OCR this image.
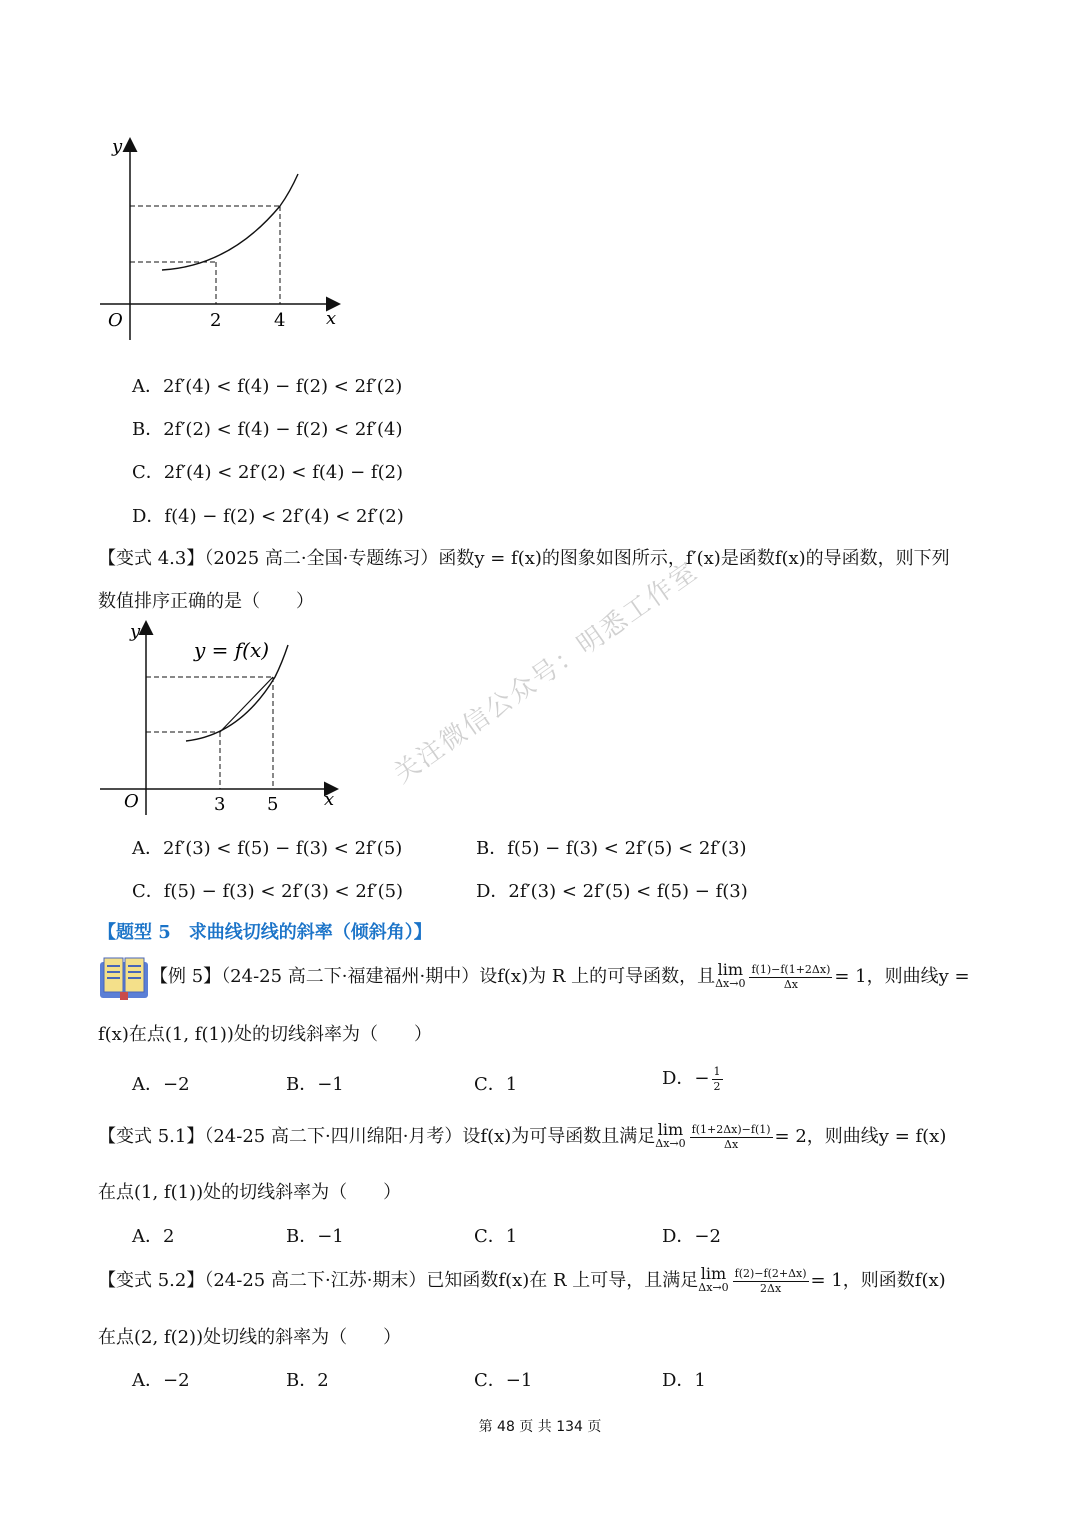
y
x
O	2	4
A．2f′(4) < f(4) − f(2) < 2f′(2)
B．2f′(2) < f(4) − f(2) < 2f′(4)
C．2f′(4) < 2f′(2) < f(4) − f(2)
D．f(4) − f(2) < 2f′(4) < 2f′(2)
【变式 4.3】（2025 高二·全国·专题练习）函数y = f(x)的图象如图所示，f′(x)是函数f(x)的导函数，则下列
数值排序正确的是（　　）
y
y = f(x)
x
O	3 5
A．2f′(3) < f(5) − f(3) < 2f′(5)	B．f(5) − f(3) < 2f′(5) < 2f′(3)
C．f(5) − f(3) < 2f′(3) < 2f′(5)	D．2f′(3) < 2f′(5) < f(5) − f(3)
【题型 5　求曲线切线的斜率（倾斜角）】
【例 5】（24-25 高二下·福建福州·期中）设f(x)为 R 上的可导函数，且 lim
$\Delta x\to 0 \frac{f(1)-f(1+2\Delta x)}{\Delta x} = 1$，则曲线y =
f(x)在点(1, f(1))处的切线斜率为（　　）
A．−2	B．−1	C．1	D．− $\frac{1}{2}$
【变式 5.1】（24-25 高二下·四川绵阳·月考）设f(x)为可导函数且满足 lim
$\Delta x\to 0 \frac{f(1+2\Delta x)-f(1)}{\Delta x} = 2$，则曲线y = f(x)
在点(1, f(1))处的切线斜率为（　　）
A．2	B．−1	C．1	D．−2
【变式 5.2】（24-25 高二下·江苏·期末）已知函数f(x)在 R 上可导，且满足 lim
$\Delta x\to 0 \frac{f(2)-f(2+\Delta x)}{2\Delta x} = 1$，则函数f(x)
在点(2, f(2))处切线的斜率为（　　）
A．−2	B．2	C．−1	D．1
关注微信公众号：明悉工作室
第 48 页 共 134 页
